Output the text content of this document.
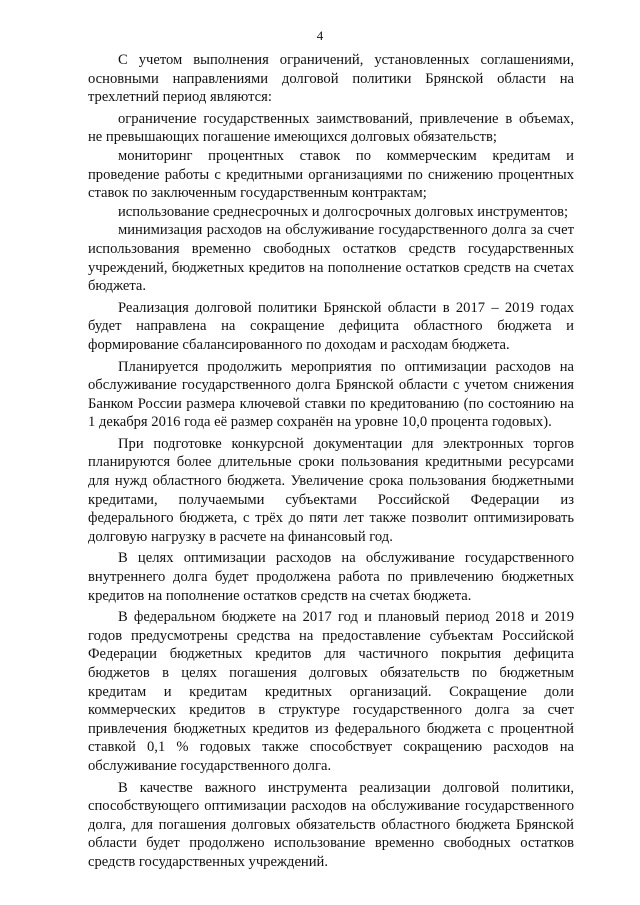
4

С учетом выполнения ограничений, установленных соглашениями, основными направлениями долговой политики Брянской области на трехлетний период являются:

ограничение государственных заимствований, привлечение в объемах, не превышающих погашение имеющихся долговых обязательств;

мониторинг процентных ставок по коммерческим кредитам и проведение работы с кредитными организациями по снижению процентных ставок по заключенным государственным контрактам;

использование среднесрочных и долгосрочных долговых инструментов;

минимизация расходов на обслуживание государственного долга за счет использования временно свободных остатков средств государственных учреждений, бюджетных кредитов на пополнение остатков средств на счетах бюджета.

Реализация долговой политики Брянской области в 2017 – 2019 годах будет направлена на сокращение дефицита областного бюджета и формирование сбалансированного по доходам и расходам бюджета.

Планируется продолжить мероприятия по оптимизации расходов на обслуживание государственного долга Брянской области с учетом снижения Банком России размера ключевой ставки по кредитованию (по состоянию на 1 декабря 2016 года её размер сохранён на уровне 10,0 процента годовых).

При подготовке конкурсной документации для электронных торгов планируются более длительные сроки пользования кредитными ресурсами для нужд областного бюджета. Увеличение срока пользования бюджетными кредитами, получаемыми субъектами Российской Федерации из федерального бюджета, с трёх до пяти лет также позволит оптимизировать долговую нагрузку в расчете на финансовый год.

В целях оптимизации расходов на обслуживание государственного внутреннего долга будет продолжена работа по привлечению бюджетных кредитов на пополнение остатков средств на счетах бюджета.

В федеральном бюджете на 2017 год и плановый период 2018 и 2019 годов предусмотрены средства на предоставление субъектам Российской Федерации бюджетных кредитов для частичного покрытия дефицита бюджетов в целях погашения долговых обязательств по бюджетным кредитам и кредитам кредитных организаций. Сокращение доли коммерческих кредитов в структуре государственного долга за счет привлечения бюджетных кредитов из федерального бюджета с процентной ставкой 0,1 % годовых также способствует сокращению расходов на обслуживание государственного долга.

В качестве важного инструмента реализации долговой политики, способствующего оптимизации расходов на обслуживание государственного долга, для погашения долговых обязательств областного бюджета Брянской области будет продолжено использование временно свободных остатков средств государственных учреждений.
